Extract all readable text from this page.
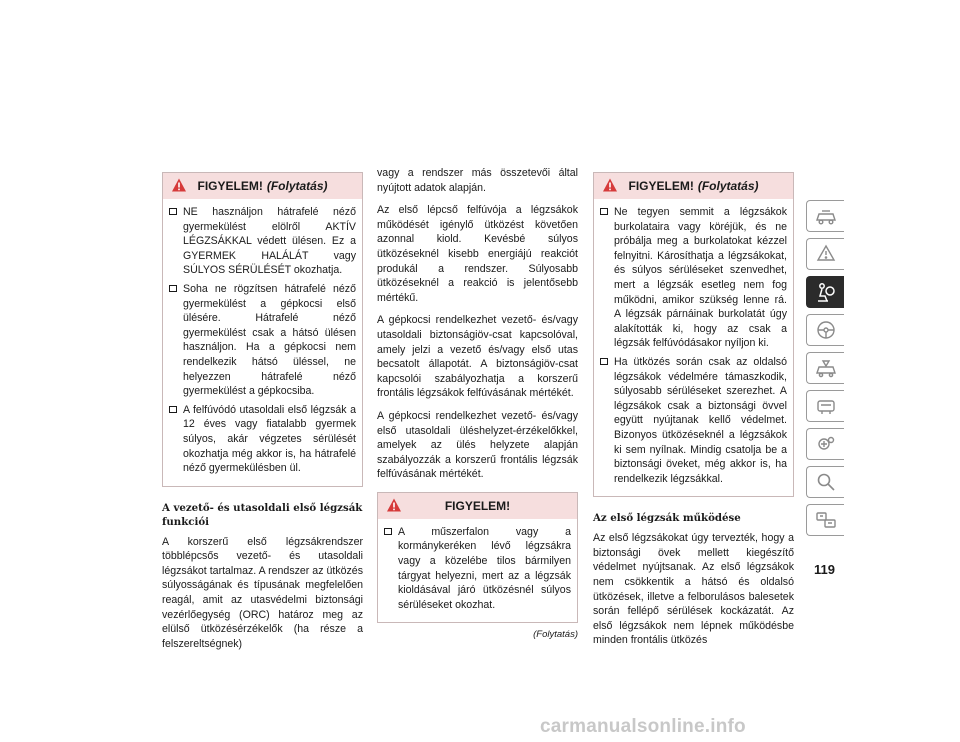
FIGYELEM! (Folytatás)
NE használjon hátrafelé néző gyermekülést elölről AKTÍV LÉGZSÁKKAL védett ülésen. Ez a GYERMEK HALÁLÁT vagy SÚLYOS SÉRÜLÉSÉT okozhatja.
Soha ne rögzítsen hátrafelé néző gyermekülést a gépkocsi első ülésére. Hátrafelé néző gyermekülést csak a hátsó ülésen használjon. Ha a gépkocsi nem rendelkezik hátsó üléssel, ne helyezzen hátrafelé néző gyermekülést a gépkocsiba.
A felfúvódó utasoldali első légzsák a 12 éves vagy fiatalabb gyermek súlyos, akár végzetes sérülését okozhatja még akkor is, ha hátrafelé néző gyermekülésben ül.
A vezető- és utasoldali első légzsák funkciói

A korszerű első légzsákrendszer többlépcsős vezető- és utasoldali légzsákot tartalmaz. A rendszer az ütközés súlyosságának és típusának megfelelően reagál, amit az utasvédelmi biztonsági vezérlőegység (ORC) határoz meg az elülső ütközésérzékelők (ha része a felszereltségnek)

vagy a rendszer más összetevői által nyújtott adatok alapján.

Az első lépcső felfúvója a légzsákok működését igénylő ütközést követően azonnal kiold. Kevésbé súlyos ütközéseknél kisebb energiájú reakciót produkál a rendszer. Súlyosabb ütközéseknél a reakció is jelentősebb mértékű.

A gépkocsi rendelkezhet vezető- és/vagy utasoldali biztonságiöv-csat kapcsolóval, amely jelzi a vezető és/vagy első utas becsatolt állapotát. A biztonságiöv-csat kapcsolói szabályozhatja a korszerű frontális légzsákok felfúvásának mértékét.

A gépkocsi rendelkezhet vezető- és/vagy első utasoldali üléshelyzet-érzékelőkkel, amelyek az ülés helyzete alapján szabályozzák a korszerű frontális légzsák felfúvásának mértékét.

FIGYELEM!
A műszerfalon vagy a kormánykeréken lévő légzsákra vagy a közelébe tilos bármilyen tárgyat helyezni, mert az a légzsák kioldásával járó ütközésnél súlyos sérüléseket okozhat.
(Folytatás)
FIGYELEM! (Folytatás)
Ne tegyen semmit a légzsákok burkolataira vagy köréjük, és ne próbálja meg a burkolatokat kézzel felnyitni. Károsíthatja a légzsákokat, és súlyos sérüléseket szenvedhet, mert a légzsák esetleg nem fog működni, amikor szükség lenne rá. A légzsák párnáinak burkolatát úgy alakították ki, hogy az csak a légzsák felfúvódásakor nyíljon ki.
Ha ütközés során csak az oldalsó légzsákok védelmére támaszkodik, súlyosabb sérüléseket szerezhet. A légzsákok csak a biztonsági övvel együtt nyújtanak kellő védelmet. Bizonyos ütközéseknél a légzsákok ki sem nyílnak. Mindig csatolja be a biztonsági öveket, még akkor is, ha rendelkezik légzsákkal.
Az első légzsák működése

Az első légzsákokat úgy tervezték, hogy a biztonsági övek mellett kiegészítő védelmet nyújtsanak. Az első légzsákok nem csökkentik a hátsó és oldalsó ütközések, illetve a felborulásos balesetek során fellépő sérülések kockázatát. Az első légzsákok nem lépnek működésbe minden frontális ütközés

119
carmanualsonline.info
